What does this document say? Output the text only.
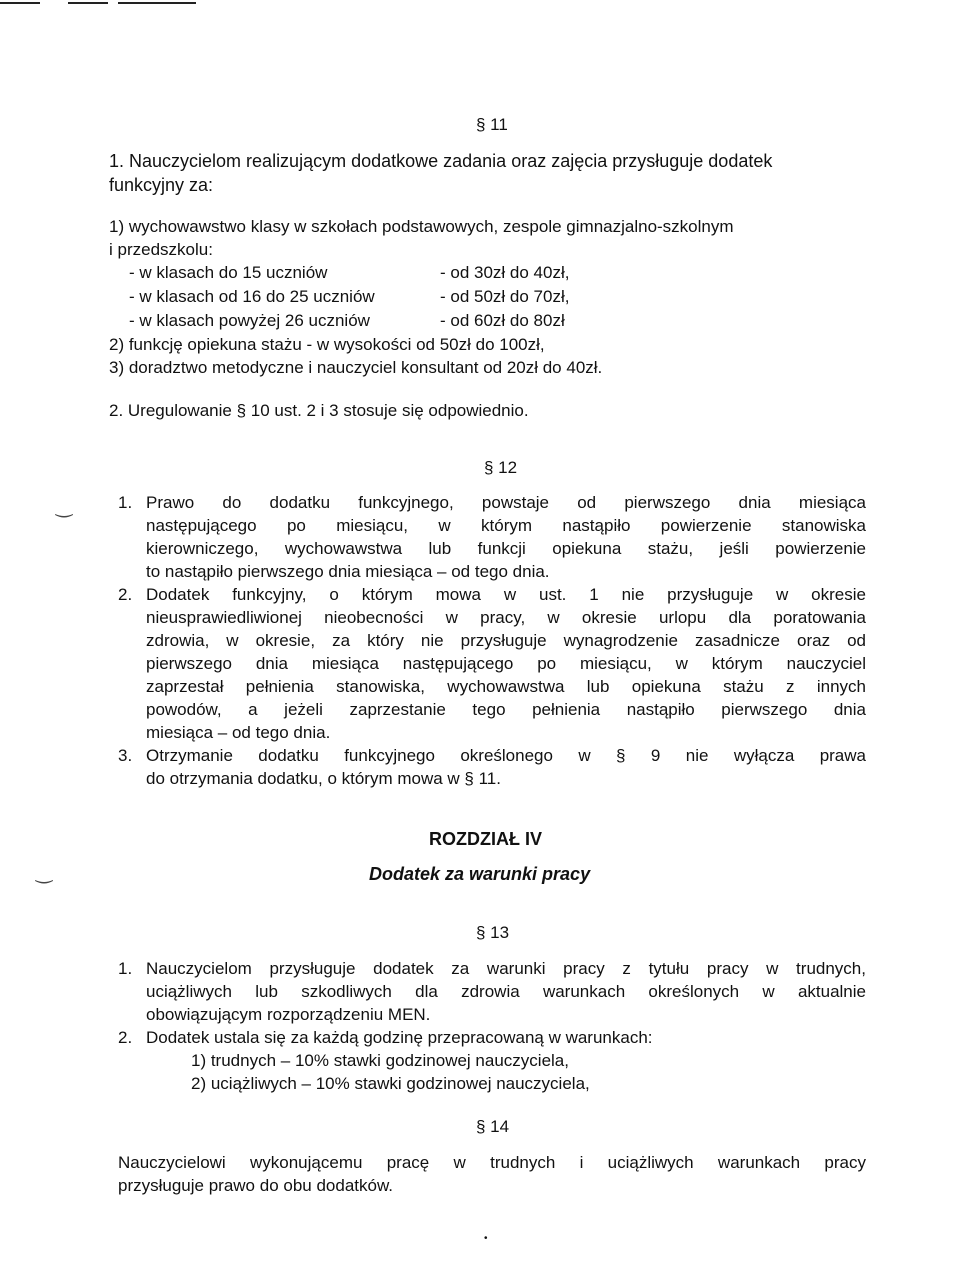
§ 11
1. Nauczycielom realizującym dodatkowe zadania oraz zajęcia przysługuje dodatek
funkcyjny za:
1) wychowawstwo klasy w szkołach podstawowych, zespole gimnazjalno-szkolnym
i przedszkolu:
- w klasach do 15 uczniów	- od 30zł do 40zł,
- w klasach od 16 do 25 uczniów	- od 50zł do 70zł,
- w klasach powyżej 26 uczniów	- od 60zł do 80zł
2) funkcję opiekuna stażu - w wysokości od 50zł do 100zł,
3) doradztwo metodyczne i nauczyciel konsultant od 20zł do 40zł.
2. Uregulowanie § 10 ust. 2 i 3 stosuje się odpowiednio.
§ 12
‿	1. Prawo do dodatku funkcyjnego, powstaje od pierwszego dnia miesiąca
następującego po miesiącu, w którym nastąpiło powierzenie stanowiska
kierowniczego, wychowawstwa lub funkcji opiekuna stażu, jeśli powierzenie
to nastąpiło pierwszego dnia miesiąca – od tego dnia.
2. Dodatek funkcyjny, o którym mowa w ust. 1 nie przysługuje w okresie
nieusprawiedliwionej nieobecności w pracy, w okresie urlopu dla poratowania
zdrowia, w okresie, za który nie przysługuje wynagrodzenie zasadnicze oraz od
pierwszego dnia miesiąca następującego po miesiącu, w którym nauczyciel
zaprzestał pełnienia stanowiska, wychowawstwa lub opiekuna stażu z innych
powodów, a jeżeli zaprzestanie tego pełnienia nastąpiło pierwszego dnia
miesiąca – od tego dnia.
3. Otrzymanie dodatku funkcyjnego określonego w § 9 nie wyłącza prawa
do otrzymania dodatku, o którym mowa w § 11.
ROZDZIAŁ IV
‿	Dodatek za warunki pracy
§ 13
1. Nauczycielom przysługuje dodatek za warunki pracy z tytułu pracy w trudnych,
uciążliwych lub szkodliwych dla zdrowia warunkach określonych w aktualnie
obowiązującym rozporządzeniu MEN.
2. Dodatek ustala się za każdą godzinę przepracowaną w warunkach:
1) trudnych – 10% stawki godzinowej nauczyciela,
2) uciążliwych – 10% stawki godzinowej nauczyciela,
§ 14
Nauczycielowi wykonującemu pracę w trudnych i uciążliwych warunkach pracy
przysługuje prawo do obu dodatków.
•
